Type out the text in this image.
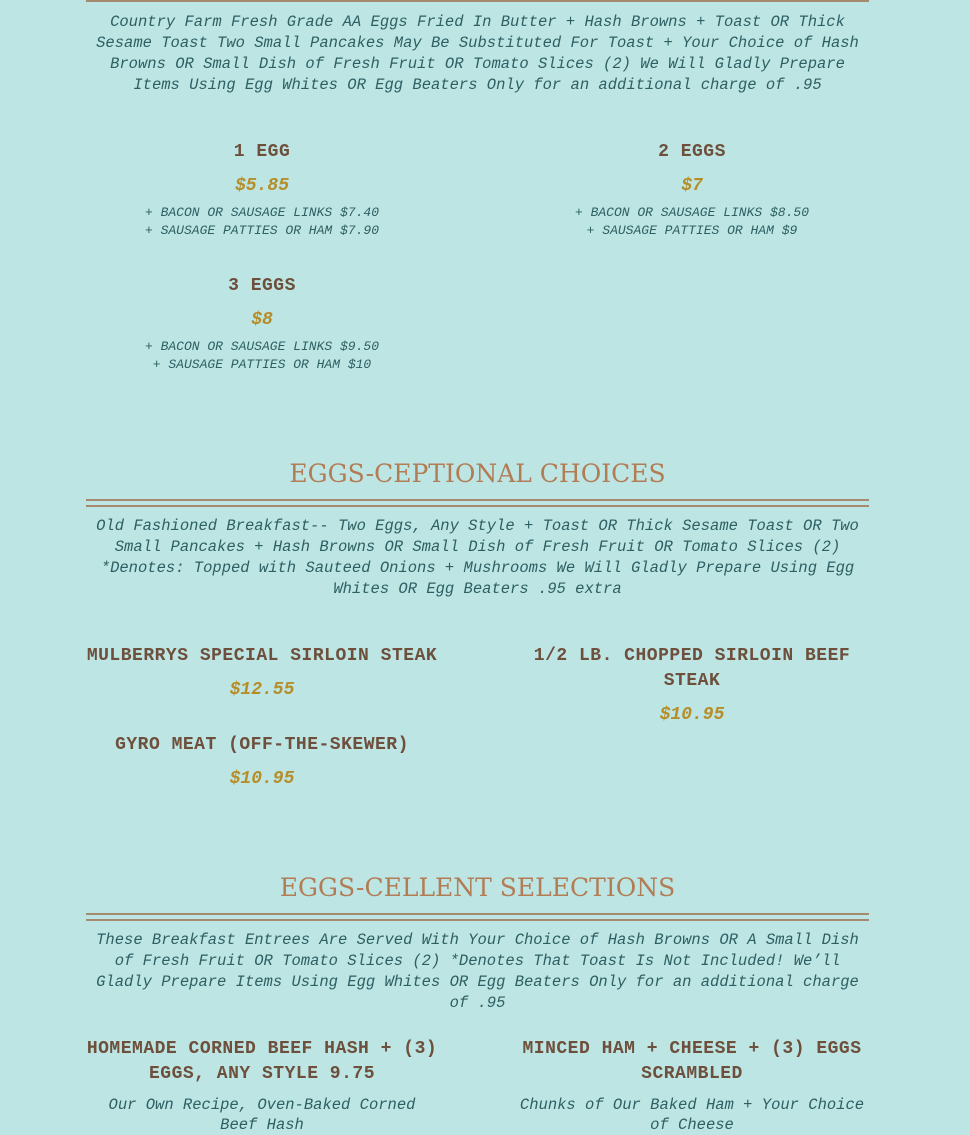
Country Farm Fresh Grade AA Eggs Fried In Butter + Hash Browns + Toast OR Thick Sesame Toast Two Small Pancakes May Be Substituted For Toast + Your Choice of Hash Browns OR Small Dish of Fresh Fruit OR Tomato Slices (2) We Will Gladly Prepare Items Using Egg Whites OR Egg Beaters Only for an additional charge of .95
1 EGG
$5.85
+ BACON OR SAUSAGE LINKS $7.40
+ SAUSAGE PATTIES OR HAM $7.90
2 EGGS
$7
+ BACON OR SAUSAGE LINKS $8.50
+ SAUSAGE PATTIES OR HAM $9
3 EGGS
$8
+ BACON OR SAUSAGE LINKS $9.50
+ SAUSAGE PATTIES OR HAM $10
EGGS-CEPTIONAL CHOICES
Old Fashioned Breakfast-- Two Eggs, Any Style + Toast OR Thick Sesame Toast OR Two Small Pancakes + Hash Browns OR Small Dish of Fresh Fruit OR Tomato Slices (2) *Denotes: Topped with Sauteed Onions + Mushrooms We Will Gladly Prepare Using Egg Whites OR Egg Beaters .95 extra
MULBERRYS SPECIAL SIRLOIN STEAK
$12.55
1/2 LB. CHOPPED SIRLOIN BEEF STEAK
$10.95
GYRO MEAT (OFF-THE-SKEWER)
$10.95
EGGS-CELLENT SELECTIONS
These Breakfast Entrees Are Served With Your Choice of Hash Browns OR A Small Dish of Fresh Fruit OR Tomato Slices (2) *Denotes That Toast Is Not Included! We’ll Gladly Prepare Items Using Egg Whites OR Egg Beaters Only for an additional charge of .95
HOMEMADE CORNED BEEF HASH + (3) EGGS, ANY STYLE 9.75
Our Own Recipe, Oven-Baked Corned Beef Hash
MINCED HAM + CHEESE + (3) EGGS SCRAMBLED
Chunks of Our Baked Ham + Your Choice of Cheese
